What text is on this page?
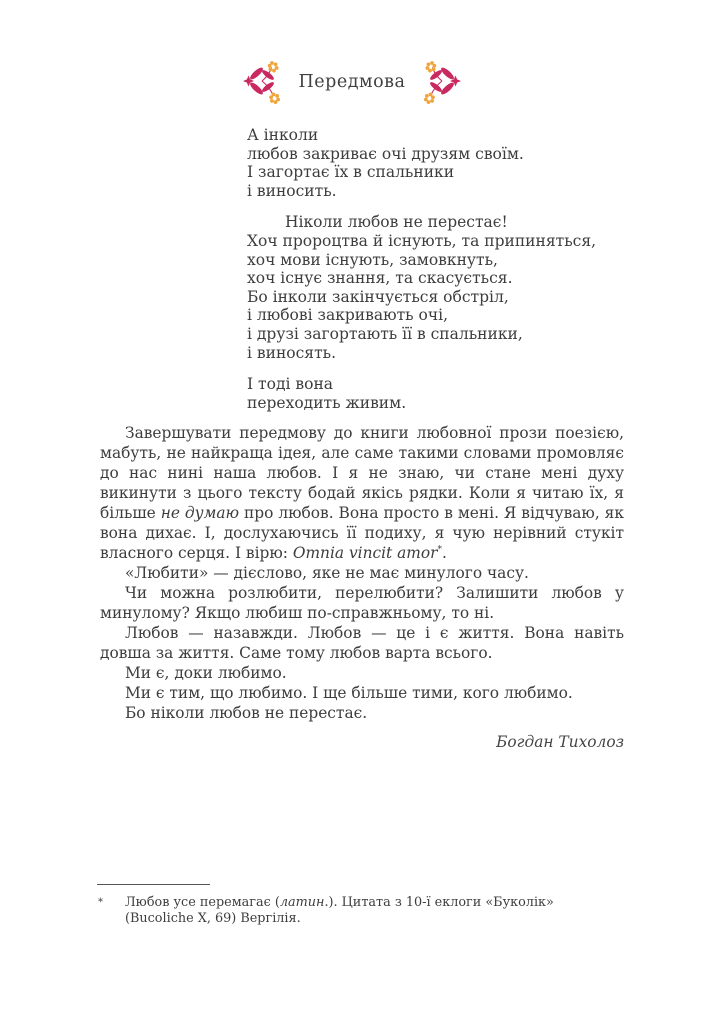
Передмова
А інколи
любов закриває очі друзям своїм.
І загортає їх в спальники
і виносить.
Ніколи любов не перестає!
Хоч пророцтва й існують, та припиняться,
хоч мови існують, замовкнуть,
хоч існує знання, та скасується.
Бо інколи закінчується обстріл,
і любові закривають очі,
і друзі загортають її в спальники,
і виносять.
І тоді вона
переходить живим.

Завершувати передмову до книги любовної прози поезією, мабуть, не найкраща ідея, але саме такими словами промовляє до нас нині наша любов. І я не знаю, чи стане мені духу викинути з цього тексту бодай якісь рядки. Коли я читаю їх, я більше не думаю про любов. Вона просто в мені. Я відчуваю, як вона дихає. І, дослухаючись її подиху, я чую нерівний стукіт власного серця. І вірю: Omnia vincit amor*.

«Любити» — дієслово, яке не має минулого часу.

Чи можна розлюбити, перелюбити? Залишити любов у минулому? Якщо любиш по-справжньому, то ні.

Любов — назавжди. Любов — це і є життя. Вона навіть довша за життя. Саме тому любов варта всього.

Ми є, доки любимо.

Ми є тим, що любимо. І ще більше тими, кого любимо.

Бо ніколи любов не перестає.

Богдан Тихолоз
* Любов усе перемагає (латин.). Цитата з 10-ї еклоги «Буколік» (Bucoliche X, 69) Вергілія.
